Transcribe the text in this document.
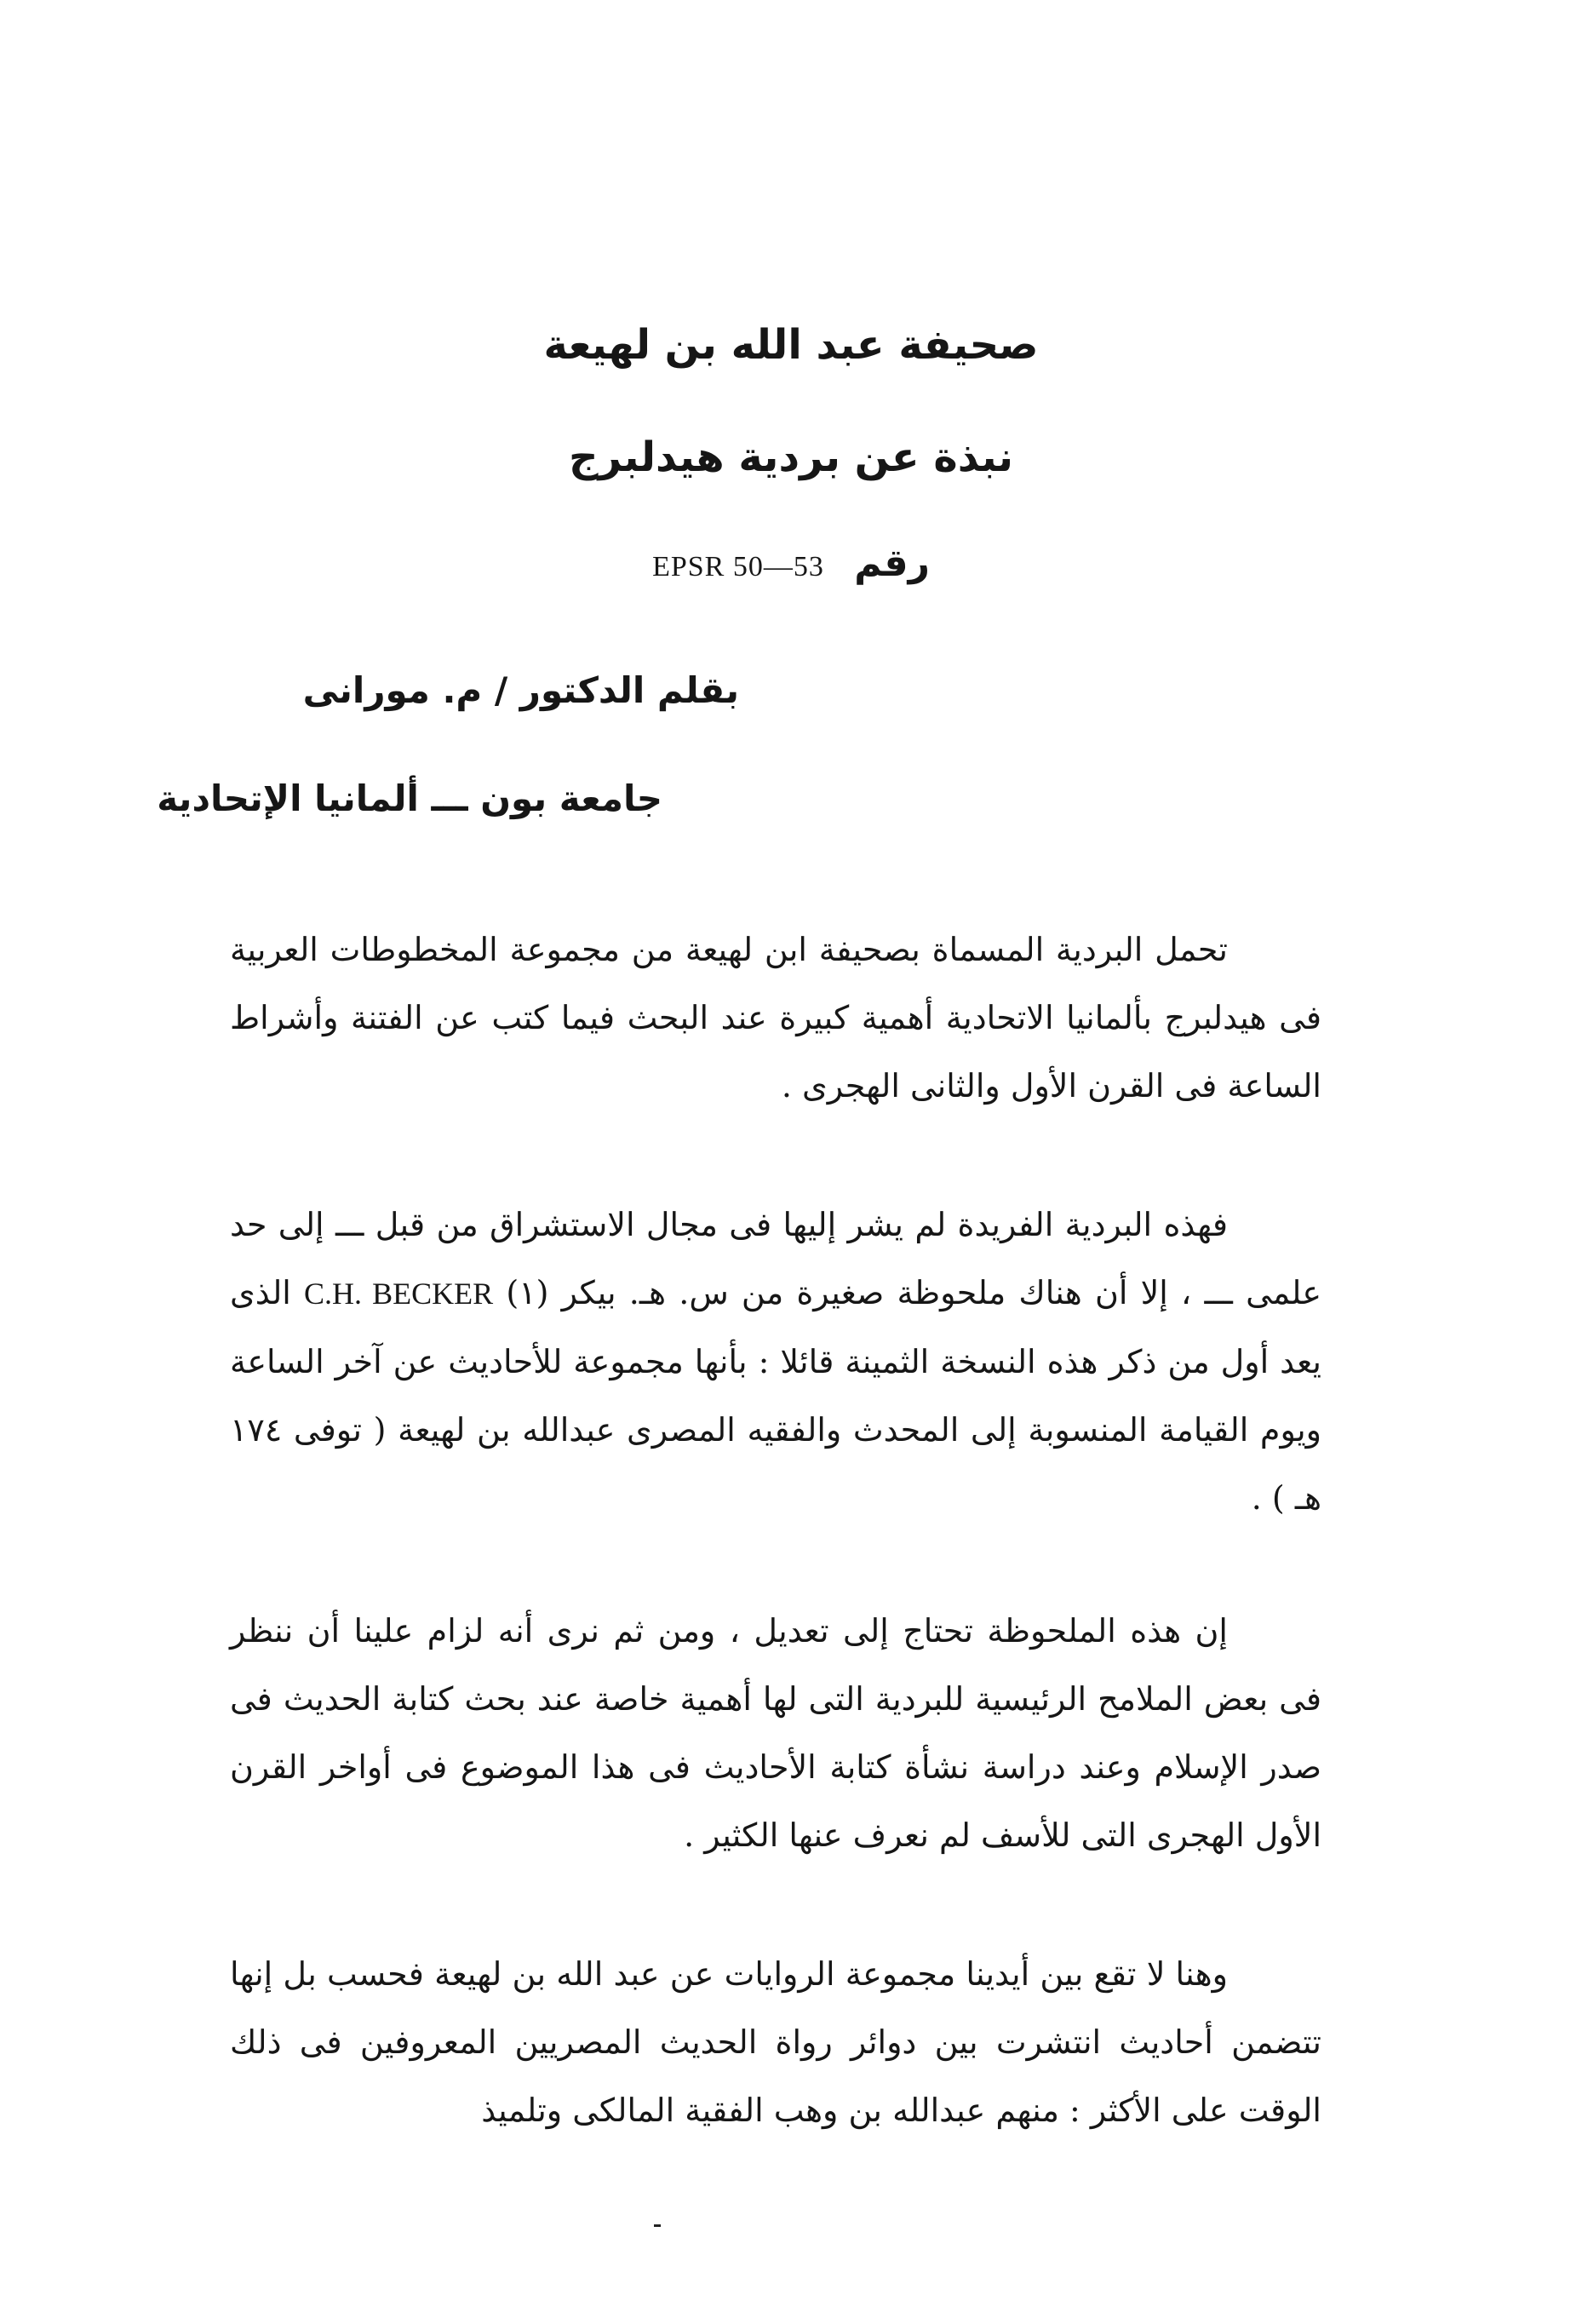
صحيفة عبد الله بن لهيعة
نبذة عن بردية هيدلبرج
EPSR 50—53 رقم
بقلم الدكتور / م. مورانى
جامعة بون ـــ ألمانيا الإتحادية

تحمل البردية المسماة بصحيفة ابن لهيعة من مجموعة المخطوطات العربية فى هيدلبرج بألمانيا الاتحادية أهمية كبيرة عند البحث فيما كتب عن الفتنة وأشراط الساعة فى القرن الأول والثانى الهجرى .

فهذه البردية الفريدة لم يشر إليها فى مجال الاستشراق من قبل ـــ إلى حد علمى ـــ ، إلا أن هناك ملحوظة صغيرة من س. هـ. بيكر (١) C.H. BECKER الذى يعد أول من ذكر هذه النسخة الثمينة قائلا : بأنها مجموعة للأحاديث عن آخر الساعة ويوم القيامة المنسوبة إلى المحدث والفقيه المصرى عبدالله بن لهيعة ( توفى ١٧٤ هـ ) .

إن هذه الملحوظة تحتاج إلى تعديل ، ومن ثم نرى أنه لزام علينا أن ننظر فى بعض الملامح الرئيسية للبردية التى لها أهمية خاصة عند بحث كتابة الحديث فى صدر الإسلام وعند دراسة نشأة كتابة الأحاديث فى هذا الموضوع فى أواخر القرن الأول الهجرى التى للأسف لم نعرف عنها الكثير .

وهنا لا تقع بين أيدينا مجموعة الروايات عن عبد الله بن لهيعة فحسب بل إنها تتضمن أحاديث انتشرت بين دوائر رواة الحديث المصريين المعروفين فى ذلك الوقت على الأكثر : منهم عبدالله بن وهب الفقية المالكى وتلميذ
